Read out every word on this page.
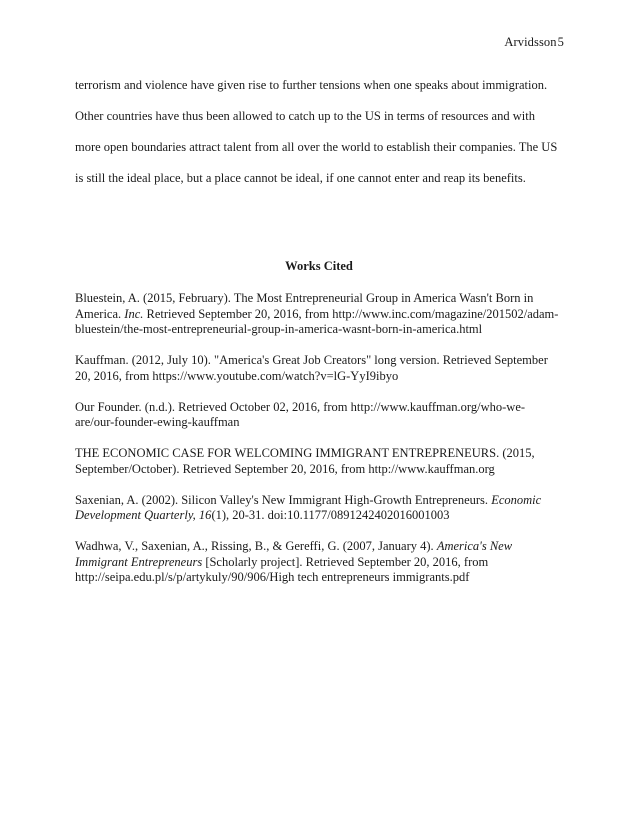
Arvidsson5
terrorism and violence have given rise to further tensions when one speaks about immigration.
Other countries have thus been allowed to catch up to the US in terms of resources and with
more open boundaries attract talent from all over the world to establish their companies. The US
is still the ideal place, but a place cannot be ideal, if one cannot enter and reap its benefits.
Works Cited
Bluestein, A. (2015, February). The Most Entrepreneurial Group in America Wasn't Born in
America. Inc. Retrieved September 20, 2016, from http://www.inc.com/magazine/201502/adam-
bluestein/the-most-entrepreneurial-group-in-america-wasnt-born-in-america.html
Kauffman. (2012, July 10). "America's Great Job Creators" long version. Retrieved September
20, 2016, from https://www.youtube.com/watch?v=lG-YyI9ibyo
Our Founder. (n.d.). Retrieved October 02, 2016, from http://www.kauffman.org/who-we-
are/our-founder-ewing-kauffman
THE ECONOMIC CASE FOR WELCOMING IMMIGRANT ENTREPRENEURS. (2015,
September/October). Retrieved September 20, 2016, from http://www.kauffman.org
Saxenian, A. (2002). Silicon Valley's New Immigrant High-Growth Entrepreneurs. Economic
Development Quarterly, 16(1), 20-31. doi:10.1177/0891242402016001003
Wadhwa, V., Saxenian, A., Rissing, B., & Gereffi, G. (2007, January 4). America's New
Immigrant Entrepreneurs [Scholarly project]. Retrieved September 20, 2016, from
http://seipa.edu.pl/s/p/artykuly/90/906/High tech entrepreneurs immigrants.pdf
